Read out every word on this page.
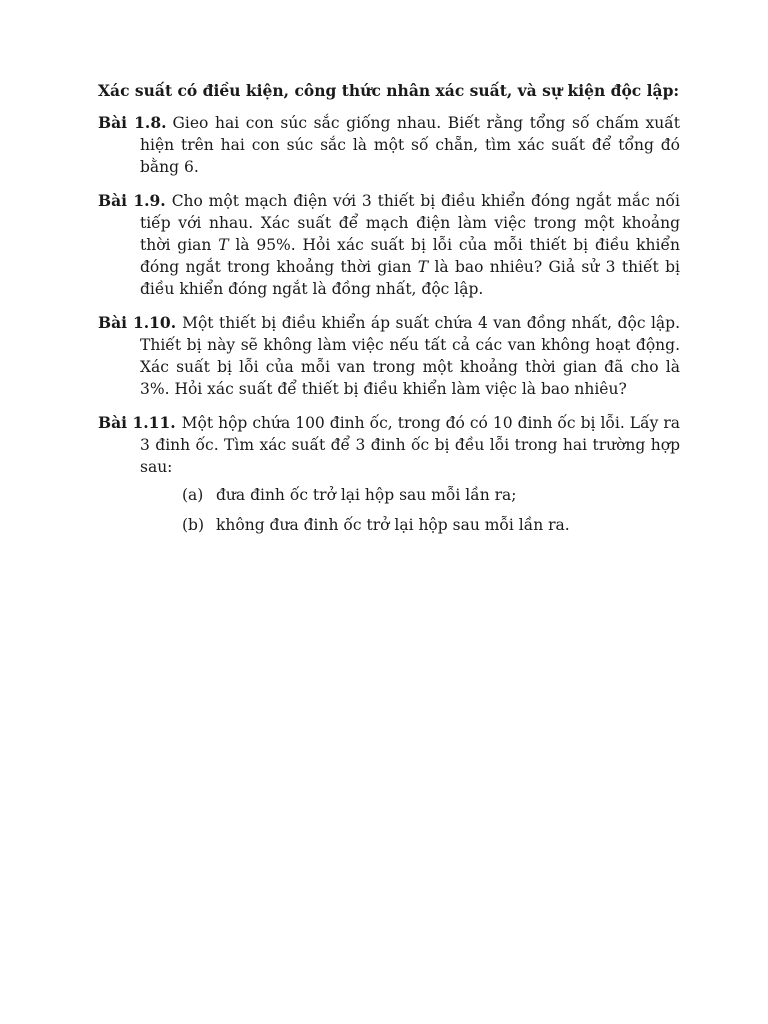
Xác suất có điều kiện, công thức nhân xác suất, và sự kiện độc lập:

Bài 1.8. Gieo hai con súc sắc giống nhau. Biết rằng tổng số chấm xuất hiện trên hai con súc sắc là một số chẵn, tìm xác suất để tổng đó bằng 6.

Bài 1.9. Cho một mạch điện với 3 thiết bị điều khiển đóng ngắt mắc nối tiếp với nhau. Xác suất để mạch điện làm việc trong một khoảng thời gian T là 95%. Hỏi xác suất bị lỗi của mỗi thiết bị điều khiển đóng ngắt trong khoảng thời gian T là bao nhiêu? Giả sử 3 thiết bị điều khiển đóng ngắt là đồng nhất, độc lập.

Bài 1.10. Một thiết bị điều khiển áp suất chứa 4 van đồng nhất, độc lập. Thiết bị này sẽ không làm việc nếu tất cả các van không hoạt động. Xác suất bị lỗi của mỗi van trong một khoảng thời gian đã cho là 3%. Hỏi xác suất để thiết bị điều khiển làm việc là bao nhiêu?

Bài 1.11. Một hộp chứa 100 đinh ốc, trong đó có 10 đinh ốc bị lỗi. Lấy ra 3 đinh ốc. Tìm xác suất để 3 đinh ốc bị đều lỗi trong hai trường hợp sau:
(a) đưa đinh ốc trở lại hộp sau mỗi lần ra;
(b) không đưa đinh ốc trở lại hộp sau mỗi lần ra.
